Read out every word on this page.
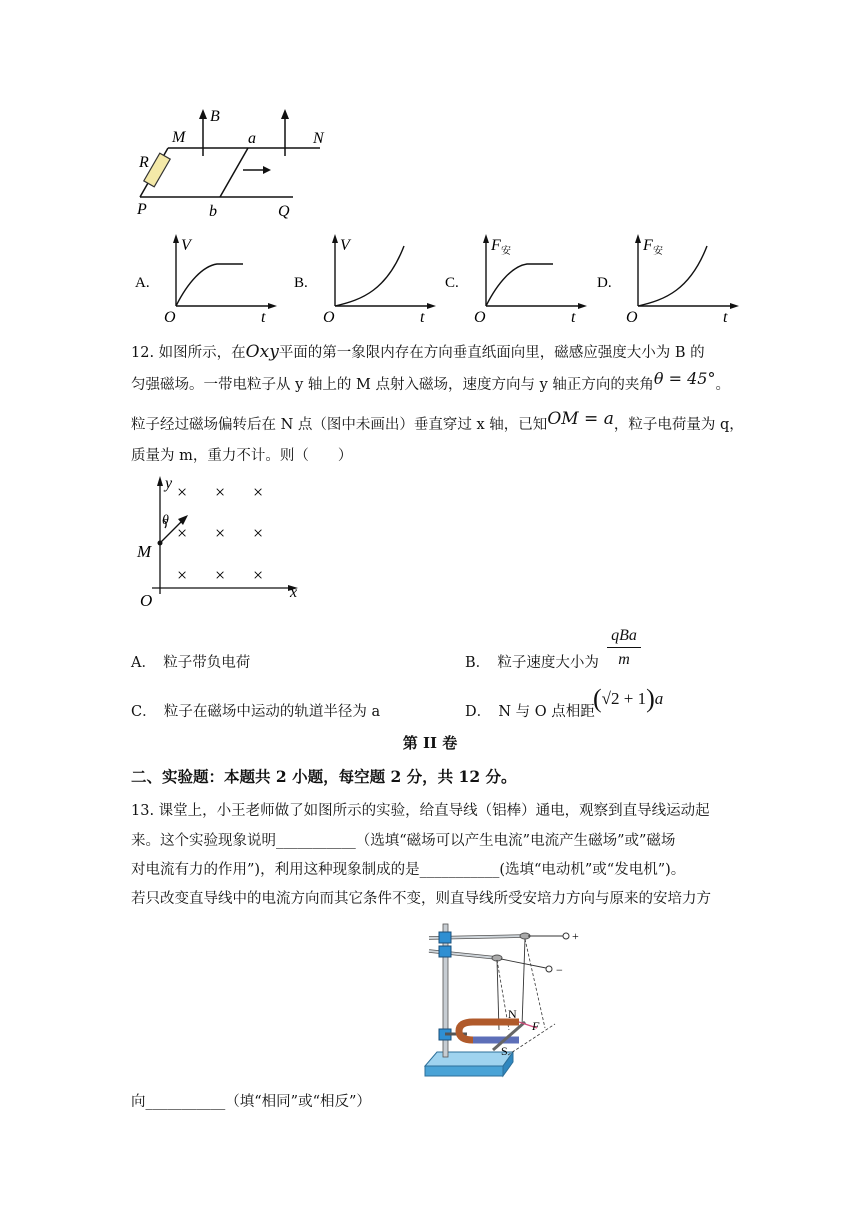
B
M	a	N
R
P	b	Q
A.
V
O	t
B.
V
O	t
C.
F 安
O	t
D.
F 安
O	t
12. 如图所示，在Oxy平面的第一象限内存在方向垂直纸面向里，磁感应强度大小为 B 的
匀强磁场。一带电粒子从 y 轴上的 M 点射入磁场，速度方向与 y 轴正方向的夹角θ = 45°。
粒子经过磁场偏转后在 N 点（图中未画出）垂直穿过 x 轴，已知OM = a，粒子电荷量为 q，
质量为 m，重力不计。则（　　）
y
x
O
M
θ
× × ×
× × ×
× × ×
A．　粒子带负电荷	B．　粒子速度大小为
qBa
m
C．　粒子在磁场中运动的轨道半径为 a	D．　N 与 O 点相距
(√2 + 1)a
第 II 卷
二、实验题：本题共 2 小题，每空题 2 分，共 12 分。
13. 课堂上，小王老师做了如图所示的实验，给直导线（铝棒）通电，观察到直导线运动起
来。这个实验现象说明___________（选填“磁场可以产生电流”电流产生磁场”或”磁场
对电流有力的作用”)，利用这种现象制成的是___________(选填“电动机”或“发电机”)。
若只改变直导线中的电流方向而其它条件不变，则直导线所受安培力方向与原来的安培力方
+
−
N
S
F
向___________（填“相同”或“相反”）
